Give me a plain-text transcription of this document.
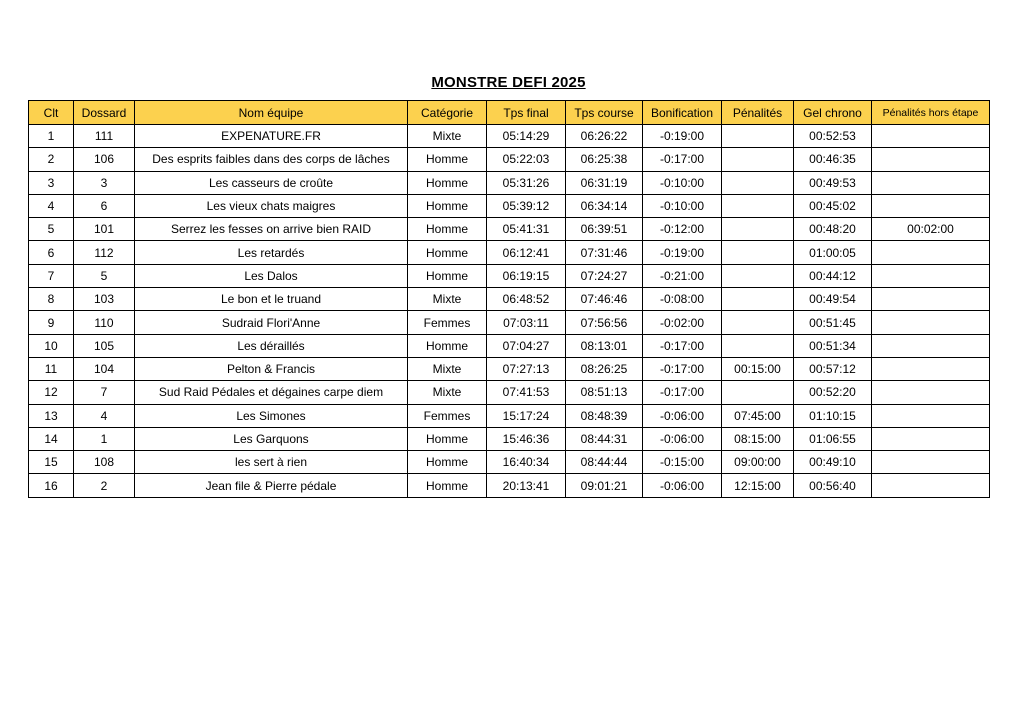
MONSTRE DEFI 2025
Clt	Dossard	Nom équipe	Catégorie	Tps final	Tps course	Bonification	Pénalités	Gel chrono	Pénalités hors étape
1	111	EXPENATURE.FR	Mixte	05:14:29	06:26:22	-0:19:00		00:52:53	
2	106	Des esprits faibles dans des corps de lâches	Homme	05:22:03	06:25:38	-0:17:00		00:46:35	
3	3	Les casseurs de croûte	Homme	05:31:26	06:31:19	-0:10:00		00:49:53	
4	6	Les vieux chats maigres	Homme	05:39:12	06:34:14	-0:10:00		00:45:02	
5	101	Serrez les fesses on arrive bien RAID	Homme	05:41:31	06:39:51	-0:12:00		00:48:20	00:02:00
6	112	Les retardés	Homme	06:12:41	07:31:46	-0:19:00		01:00:05	
7	5	Les Dalos	Homme	06:19:15	07:24:27	-0:21:00		00:44:12	
8	103	Le bon et le truand	Mixte	06:48:52	07:46:46	-0:08:00		00:49:54	
9	110	Sudraid Flori'Anne	Femmes	07:03:11	07:56:56	-0:02:00		00:51:45	
10	105	Les déraillés	Homme	07:04:27	08:13:01	-0:17:00		00:51:34	
11	104	Pelton & Francis	Mixte	07:27:13	08:26:25	-0:17:00	00:15:00	00:57:12	
12	7	Sud Raid Pédales et dégaines carpe diem	Mixte	07:41:53	08:51:13	-0:17:00		00:52:20	
13	4	Les Simones	Femmes	15:17:24	08:48:39	-0:06:00	07:45:00	01:10:15	
14	1	Les Garquons	Homme	15:46:36	08:44:31	-0:06:00	08:15:00	01:06:55	
15	108	les sert à rien	Homme	16:40:34	08:44:44	-0:15:00	09:00:00	00:49:10	
16	2	Jean file & Pierre pédale	Homme	20:13:41	09:01:21	-0:06:00	12:15:00	00:56:40	
